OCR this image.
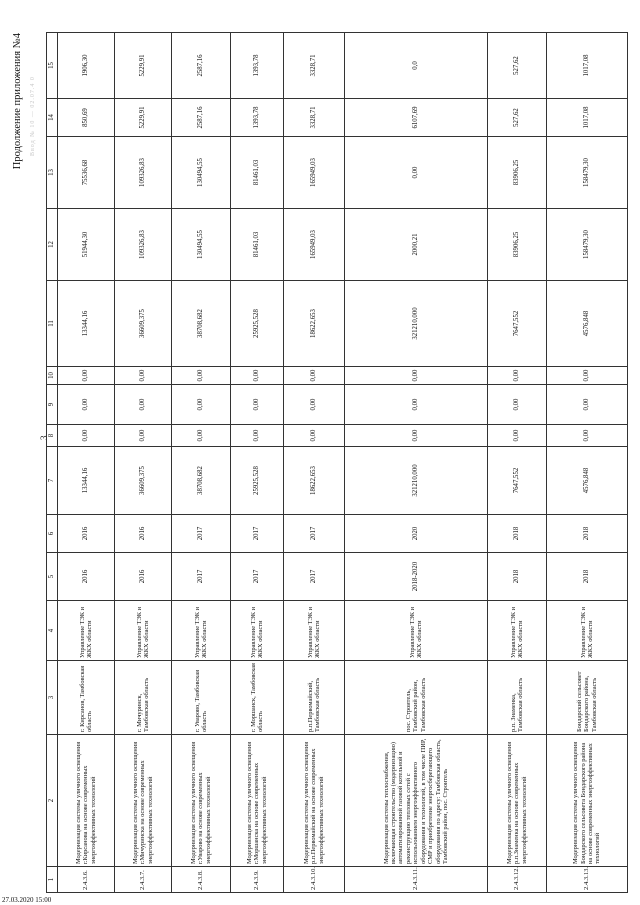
Ввод № 10 — 02.07.4 0
Продолжение приложения №4
3
1	2	3	4	5	6	7	8	9	10	11	12	13	14	15
2.4.3.6.	Модернизация системы уличного освещения г.Кирсанова на основе современных энергоэффективных технологий	г. Кирсанов, Тамбовская область	Управление ТЭК и ЖКХ области	2016	2016	13344,16	0,00	0,00	0,00	13344,16	51944,30	75536,68	850,69	1906,30
2.4.3.7.	Модернизация системы уличного освещения г.Мичуринска на основе современных энергоэффективных технологий	г. Мичуринск, Тамбовская область	Управление ТЭК и ЖКХ области	2016	2016	36609,375	0,00	0,00	0,00	36609,375	109326,83	109326,83	5229,91	5229,91
2.4.3.8.	Модернизация системы уличного освещения г.Уварово на основе современных энергоэффективных технологий	г. Уварово, Тамбовская область	Управление ТЭК и ЖКХ области	2017	2017	38708,682	0,00	0,00	0,00	38708,682	130494,55	130494,55	2587,16	2587,16
2.4.3.9.	Модернизация системы уличного освещения г.Моршанска на основе современных энергоэффективных технологий	г. Моршанск, Тамбовская область	Управление ТЭК и ЖКХ области	2017	2017	25925,528	0,00	0,00	0,00	25925,528	81461,03	81461,03	1393,78	1393,78
2.4.3.10.	Модернизация системы уличного освещения р.п.Первомайский на основе современных энергоэффективных технологий	р.п.Первомайский, Тамбовская область	Управление ТЭК и ЖКХ области	2017	2017	18622,653	0,00	0,00	0,00	18622,653	165949,03	165949,03	3328,71	3328,71
2.4.3.11.	Модернизация системы теплоснабжения, включающая строительство (модернизацию) автоматизированной газовой котельной и реконструкцию тепловых сетей с использованием энергоэффективного оборудования и технологий, в том числе ПИР, СМР и приобретение энергосберегающего оборудования по адресу: Тамбовская область, Тамбовский район, пос. Строитель	пос. Строитель, Тамбовский район, Тамбовская область	Управление ТЭК и ЖКХ области	2018-2020	2020	321210,000	0,00	0,00	0,00	321210,000	2000,21	0,00	6107,69	0,0
2.4.3.12.	Модернизация системы уличного освещения р.п.Знаменка на основе современных энергоэффективных технологий	р.п. Знаменка, Тамбовская область	Управление ТЭК и ЖКХ области	2018	2018	7647,552	0,00	0,00	0,00	7647,552	83906,25	83906,25	527,62	527,62
2.4.3.13.	Модернизация системы уличного освещения Бондарского сельсовета Бондарского района на основе современных энергоэффективных технологий	Бондарский сельсовет Бондарского района, Тамбовская область	Управление ТЭК и ЖКХ области	2018	2018	4576,848	0,00	0,00	0,00	4576,848	158479,30	158479,30	1017,08	1017,08
27.03.2020 15:00
